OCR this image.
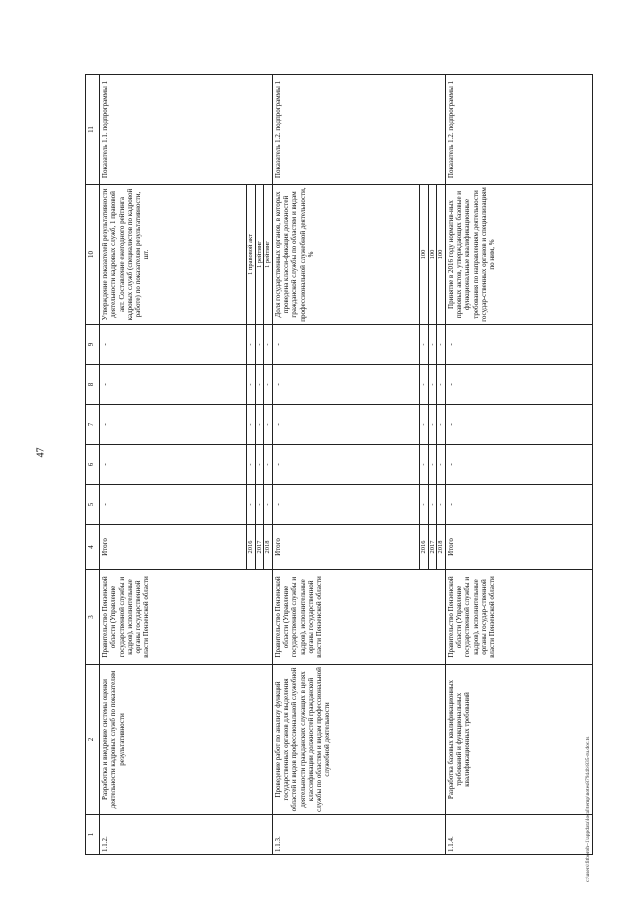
47
1	2	3	4	5	6	7	8	9	10	11
1.1.2.	Разработка и внедрение системы оценки деятельности кадровых служб по показателям результативности	Правительство Пензенской области (Управление государственной службы и кадров), исполнительные органы государственной власти Пензенской области	Итого	-	-	-	-	-	Утверждение показателей результативности деятельности кадровых служб, 1 правовой акт. Составление ежегодного рейтинга кадровых служб (специалистов по кадровой работе) по показателям результативности, шт.	Показатель 1.1. подпрограммы 1
			2016	-	-	-	-	-	1 правовой акт	
			2017	-	-	-	-	-	1 рейтинг	
			2018	-	-	-	-	-	1 рейтинг	
1.1.3.	Проведение работ по анализу функций государственных органов для выделения областей и видов профессиональной служебной деятельности гражданских служащих в целях классификации должностей гражданской службы по областям и видам профессиональной служебной деятельности	Правительство Пензенской области (Управление государственной службы и кадров), исполнительные органы государственной власти Пензенской области	Итого	-	-	-	-	-	Доля государственных органов, в которых проведена класси-фикация должностей гражданской службы по областям и видам профессиональной служебной деятельности, %	Показатель 1.2. подпрограммы 1
			2016	-	-	-	-	-	100	
			2017	-	-	-	-	-	100	
			2018	-	-	-	-	-	100	
1.1.4.	Разработка базовых квалификационных требований и функциональных квалификационных требований	Правительство Пензенской области (Управление государственной службы и кадров), исполнительные органы государ-ственной власти Пензенской области	Итого	-	-	-	-	-	Принятие в 2016 году норматив-ных правовых актов, утверждающих базовые и функциональные квалификационные требования по направлениям деятельности государ-ственных органов и специализациям по ним, %	Показатель 1.2. подпрограммы 1
c:\users\fitboroh~1\appdata\local\temp\notes87944b\835-ru.doc.ts
